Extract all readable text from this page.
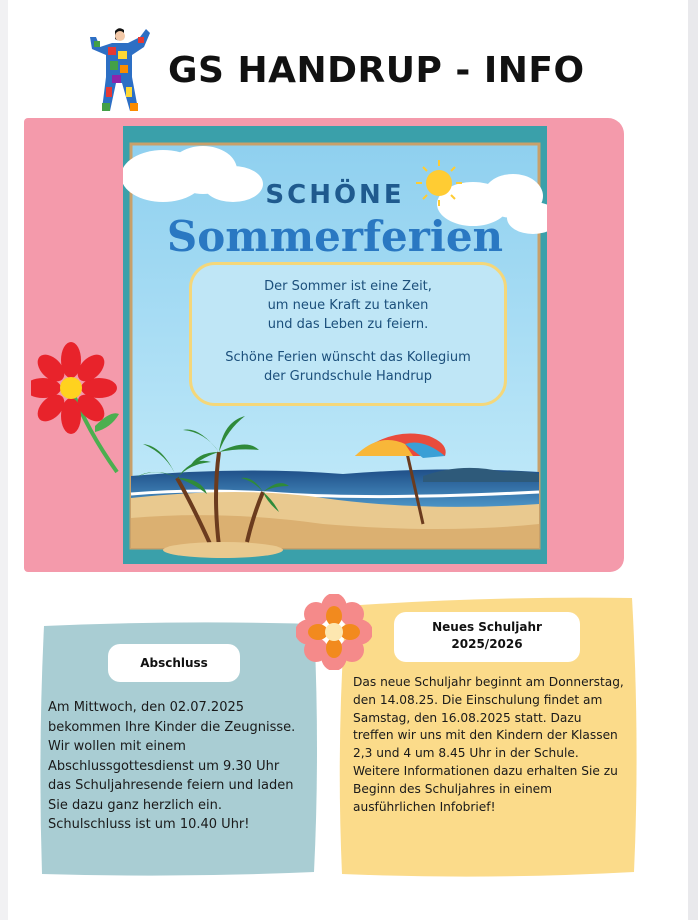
GS HANDRUP - INFO
SCHÖNE
Sommerferien
Der Sommer ist eine Zeit,
um neue Kraft zu tanken
und das Leben zu feiern.
Schöne Ferien wünscht das Kollegium
der Grundschule Handrup
Abschluss
Am Mittwoch, den 02.07.2025 bekommen Ihre Kinder die Zeugnisse. Wir wollen mit einem Abschlussgottesdienst um 9.30 Uhr das Schuljahresende feiern und laden Sie dazu ganz herzlich ein. Schulschluss ist um 10.40 Uhr!
Neues Schuljahr
2025/2026
Das neue Schuljahr beginnt am Donnerstag, den 14.08.25. Die Einschulung findet am Samstag, den 16.08.2025 statt. Dazu treffen wir uns mit den Kindern der Klassen 2,3 und 4 um 8.45 Uhr in der Schule. Weitere Informationen dazu erhalten Sie zu Beginn des Schuljahres in einem ausführlichen Infobrief!
